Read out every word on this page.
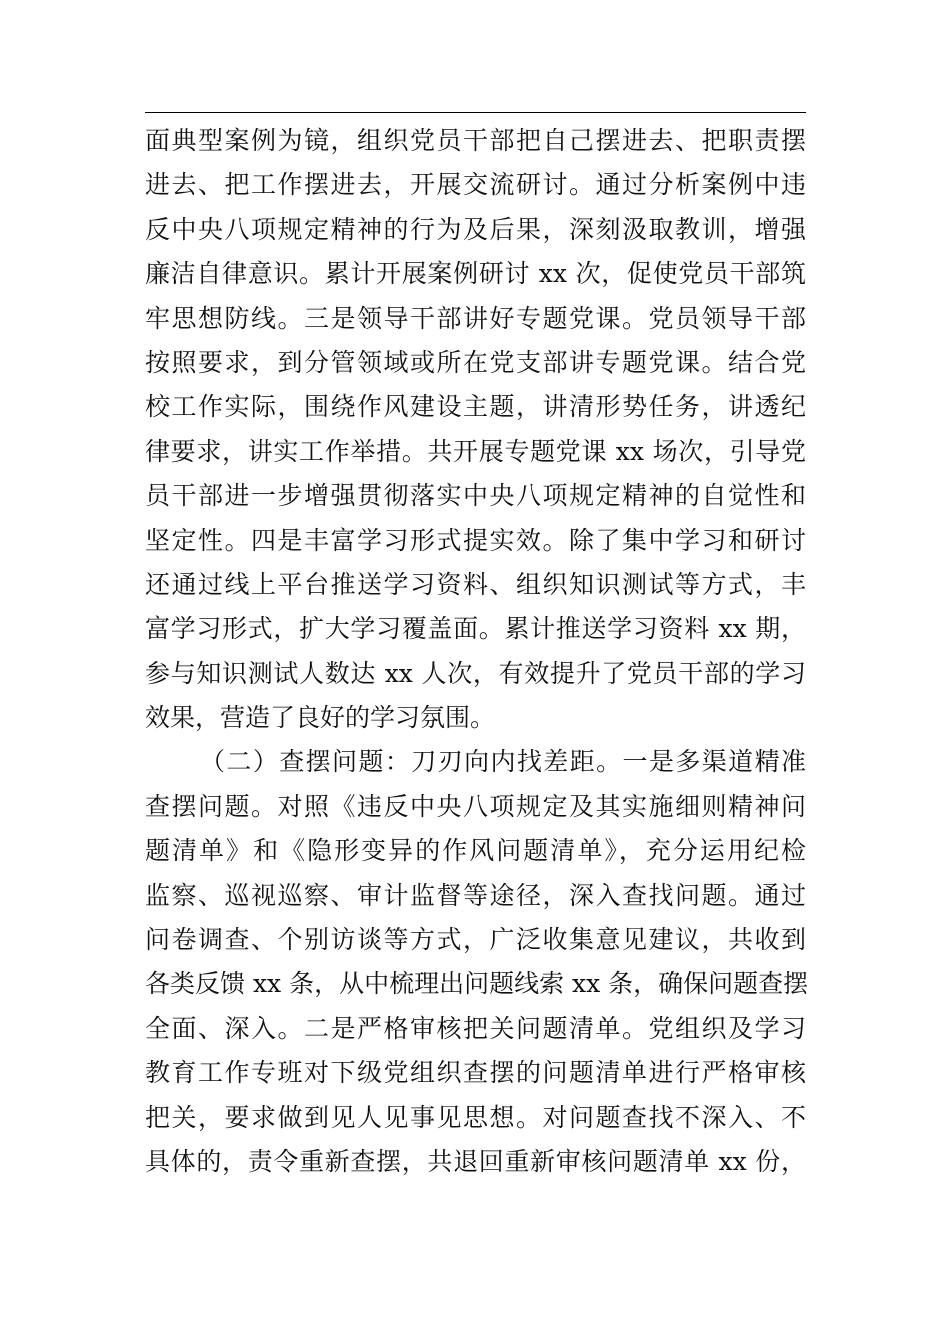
面典型案例为镜，组织党员干部把自己摆进去、把职责摆
进去、把工作摆进去，开展交流研讨。通过分析案例中违
反中央八项规定精神的行为及后果，深刻汲取教训，增强
廉洁自律意识。累计开展案例研讨 xx 次，促使党员干部筑
牢思想防线。三是领导干部讲好专题党课。党员领导干部
按照要求，到分管领域或所在党支部讲专题党课。结合党
校工作实际，围绕作风建设主题，讲清形势任务，讲透纪
律要求，讲实工作举措。共开展专题党课 xx 场次，引导党
员干部进一步增强贯彻落实中央八项规定精神的自觉性和
坚定性。四是丰富学习形式提实效。除了集中学习和研讨
还通过线上平台推送学习资料、组织知识测试等方式，丰
富学习形式，扩大学习覆盖面。累计推送学习资料 xx 期，
参与知识测试人数达 xx 人次，有效提升了党员干部的学习
效果，营造了良好的学习氛围。
（二）查摆问题：刀刃向内找差距。一是多渠道精准
查摆问题。对照《违反中央八项规定及其实施细则精神问
题清单》和《隐形变异的作风问题清单》，充分运用纪检
监察、巡视巡察、审计监督等途径，深入查找问题。通过
问卷调查、个别访谈等方式，广泛收集意见建议，共收到
各类反馈 xx 条，从中梳理出问题线索 xx 条，确保问题查摆
全面、深入。二是严格审核把关问题清单。党组织及学习
教育工作专班对下级党组织查摆的问题清单进行严格审核
把关，要求做到见人见事见思想。对问题查找不深入、不
具体的，责令重新查摆，共退回重新审核问题清单 xx 份，
